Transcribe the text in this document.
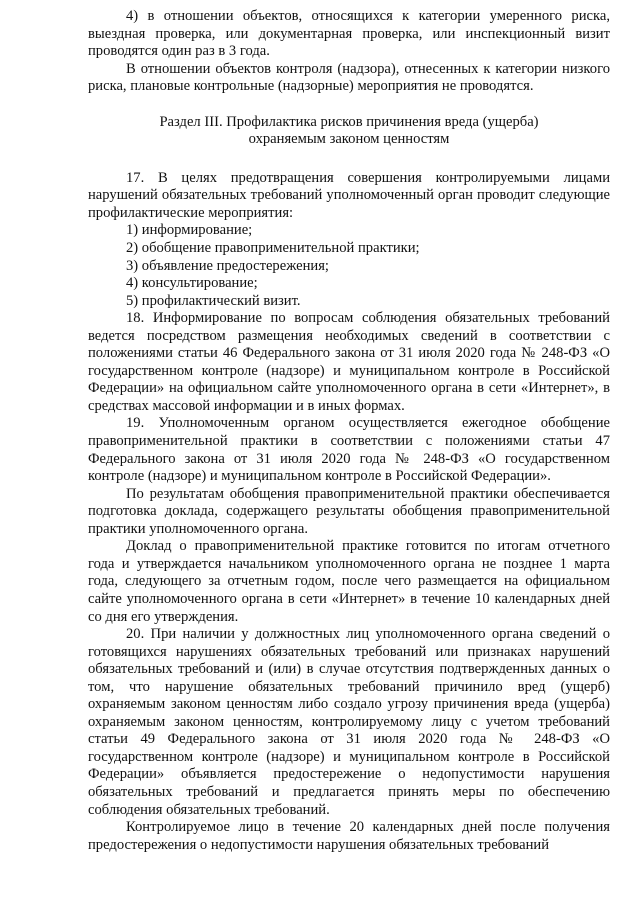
4) в отношении объектов, относящихся к категории умеренного риска, выездная проверка, или документарная проверка, или инспекционный визит проводятся один раз в 3 года.

В отношении объектов контроля (надзора), отнесенных к категории низкого риска, плановые контрольные (надзорные) мероприятия не проводятся.

Раздел III. Профилактика рисков причинения вреда (ущерба)

охраняемым законом ценностям

17. В целях предотвращения совершения контролируемыми лицами нарушений обязательных требований уполномоченный орган проводит следующие профилактические мероприятия:

1) информирование;

2) обобщение правоприменительной практики;

3) объявление предостережения;

4) консультирование;

5) профилактический визит.

18. Информирование по вопросам соблюдения обязательных требований ведется посредством размещения необходимых сведений в соответствии с положениями статьи 46 Федерального закона от 31 июля 2020 года № 248-ФЗ «О государственном контроле (надзоре) и муниципальном контроле в Российской Федерации» на официальном сайте уполномоченного органа в сети «Интернет», в средствах массовой информации и в иных формах.

19. Уполномоченным органом осуществляется ежегодное обобщение правоприменительной практики в соответствии с положениями статьи 47 Федерального закона от 31 июля 2020 года № 248-ФЗ «О государственном контроле (надзоре) и муниципальном контроле в Российской Федерации».

По результатам обобщения правоприменительной практики обеспечивается подготовка доклада, содержащего результаты обобщения правоприменительной практики уполномоченного органа.

Доклад о правоприменительной практике готовится по итогам отчетного года и утверждается начальником уполномоченного органа не позднее 1 марта года, следующего за отчетным годом, после чего размещается на официальном сайте уполномоченного органа в сети «Интернет» в течение 10 календарных дней со дня его утверждения.

20. При наличии у должностных лиц уполномоченного органа сведений о готовящихся нарушениях обязательных требований или признаках нарушений обязательных требований и (или) в случае отсутствия подтвержденных данных о том, что нарушение обязательных требований причинило вред (ущерб) охраняемым законом ценностям либо создало угрозу причинения вреда (ущерба) охраняемым законом ценностям, контролируемому лицу с учетом требований статьи 49 Федерального закона от 31 июля 2020 года № 248-ФЗ «О государственном контроле (надзоре) и муниципальном контроле в Российской Федерации» объявляется предостережение о недопустимости нарушения обязательных требований и предлагается принять меры по обеспечению соблюдения обязательных требований.

Контролируемое лицо в течение 20 календарных дней после получения предостережения о недопустимости нарушения обязательных требований
